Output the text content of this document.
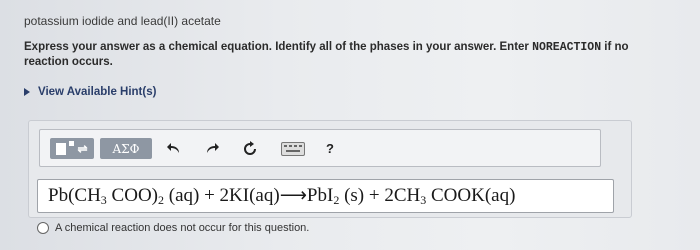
potassium iodide and lead(II) acetate
Express your answer as a chemical equation. Identify all of the phases in your answer. Enter NOREACTION if no reaction occurs.
View Available Hint(s)
⇌	ΑΣΦ	?
$Pb(CH_3$ $COO)_2$ (aq) + 2KI(aq)⟶PbI$_2$ $(s) + 2CH_3$ COOK(aq)
A chemical reaction does not occur for this question.
